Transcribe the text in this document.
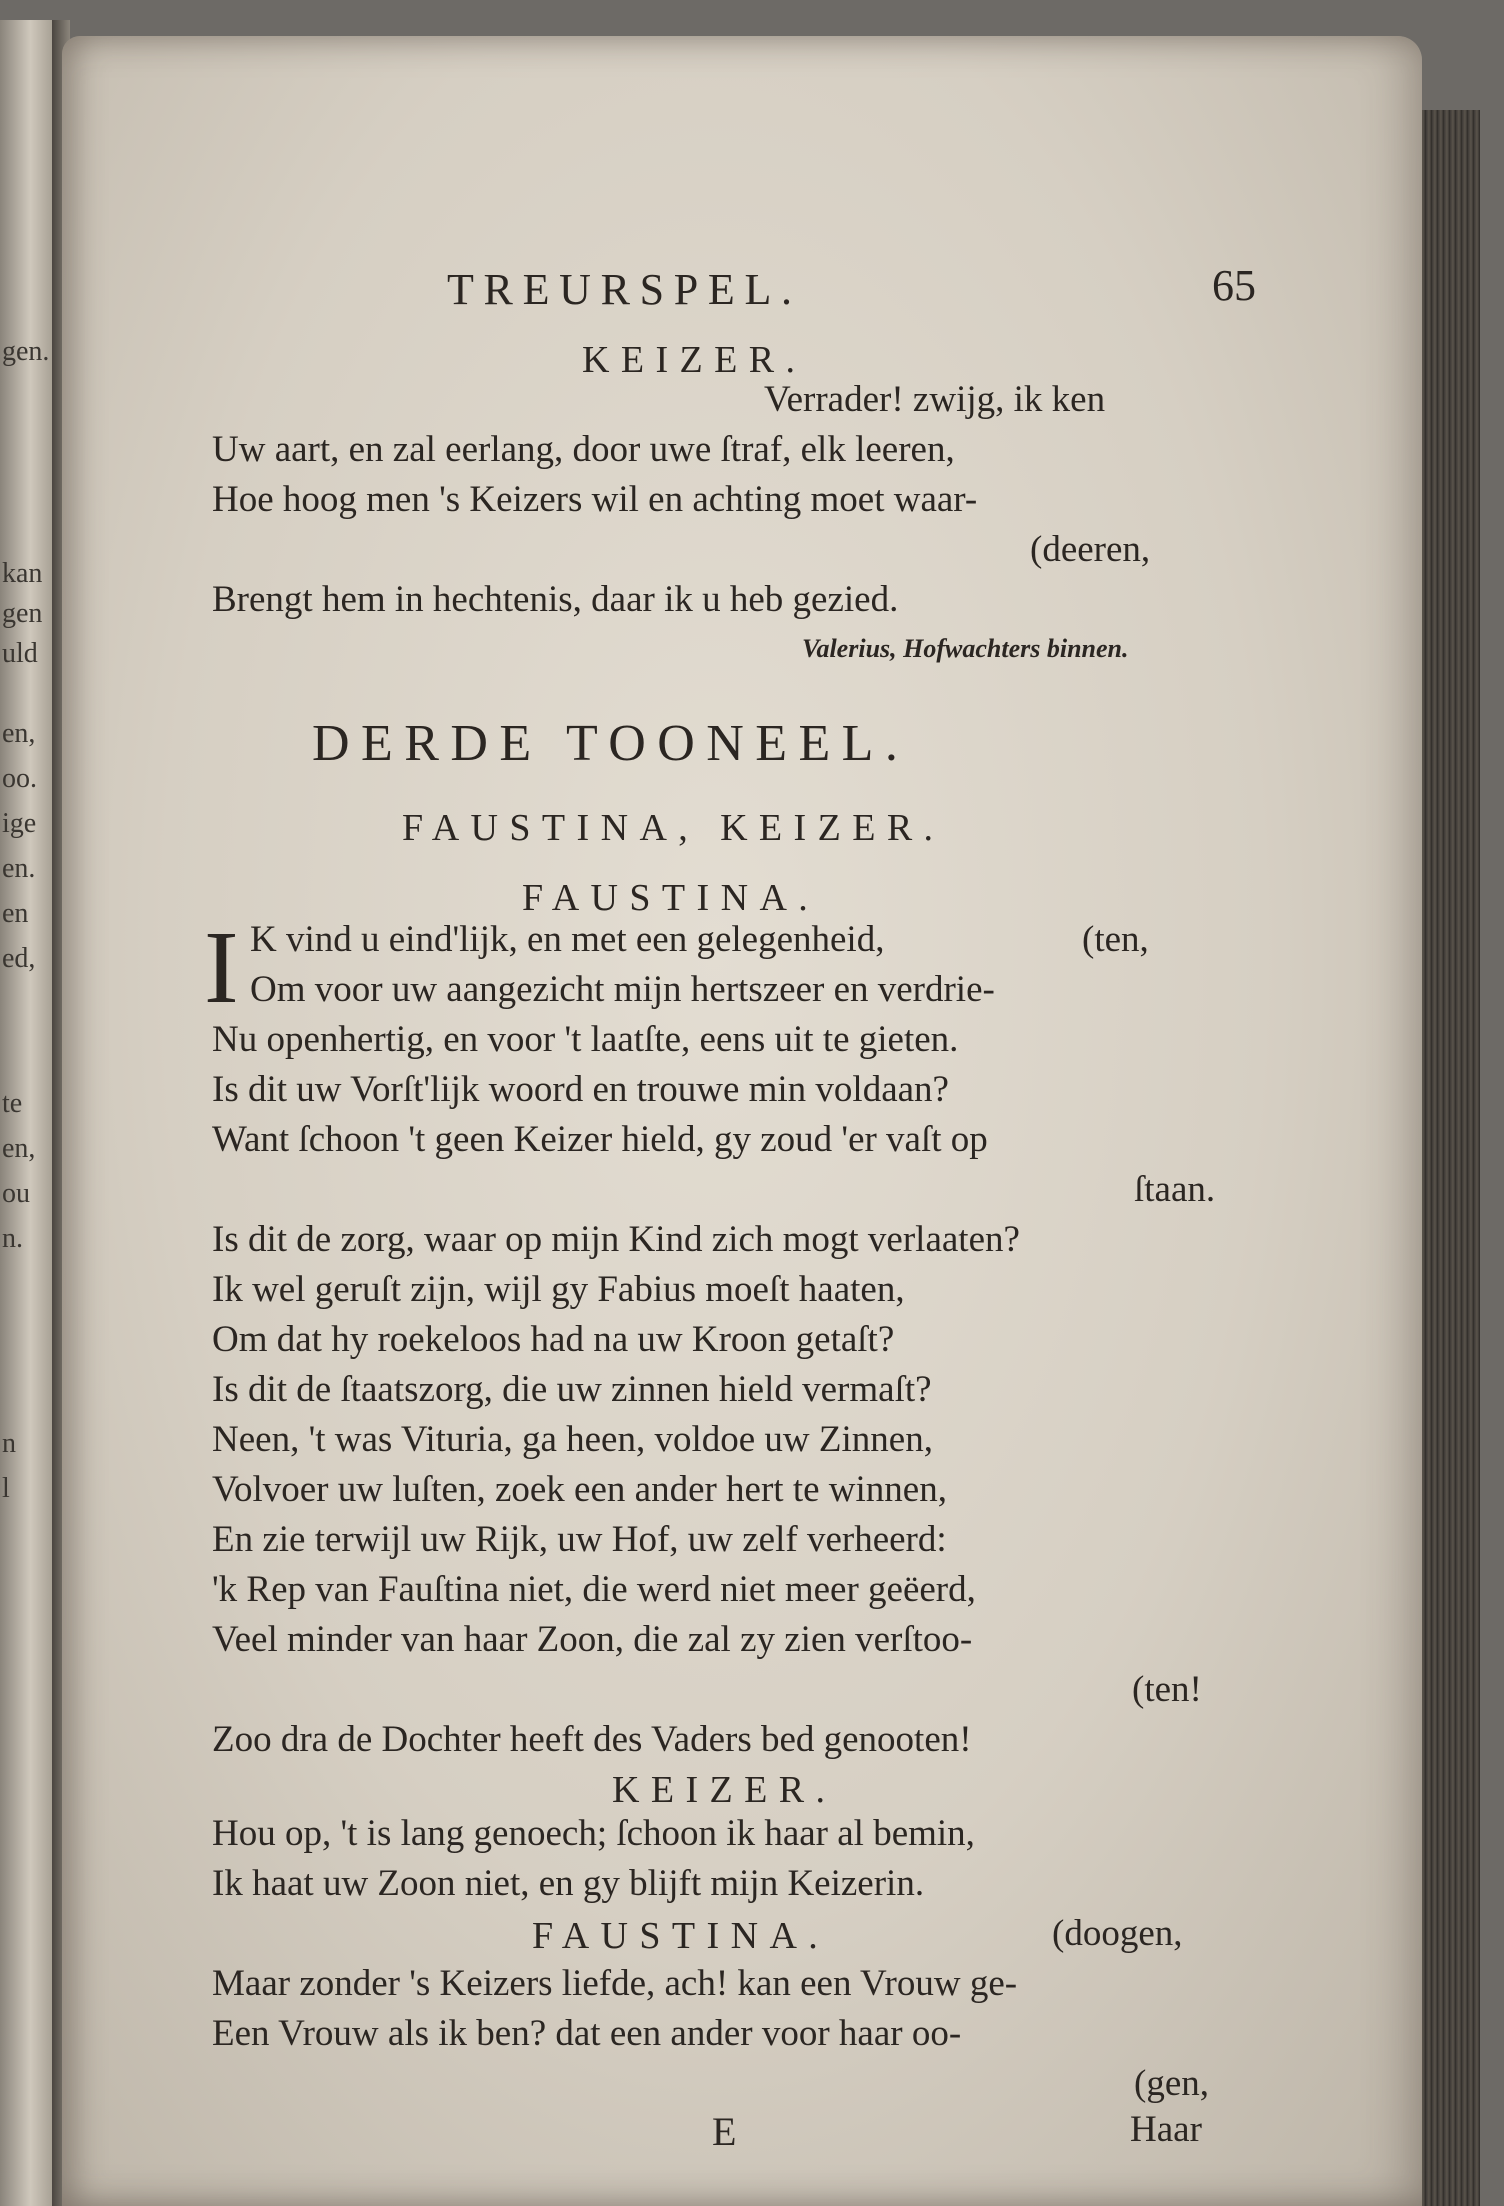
gen.
kan
gen
uld
en,
oo.
ige
en.
en
ed,
te
en,
ou
n.
n
l
TREURSPEL.	65
KEIZER.
Verrader! zwijg, ik ken
Uw aart, en zal eerlang, door uwe ſtraf, elk leeren,
Hoe hoog men 's Keizers wil en achting moet waar-
(deeren,
Brengt hem in hechtenis, daar ik u heb gezied.
Valerius, Hofwachters binnen.
DERDE TOONEEL.
FAUSTINA, KEIZER.
FAUSTINA.
I K vind u eind'lijk, en met een gelegenheid,	(ten,
Om voor uw aangezicht mijn hertszeer en verdrie-
Nu openhertig, en voor 't laatſte, eens uit te gieten.
Is dit uw Vorſt'lijk woord en trouwe min voldaan?
Want ſchoon 't geen Keizer hield, gy zoud 'er vaſt op
ſtaan.
Is dit de zorg, waar op mijn Kind zich mogt verlaaten?
Ik wel geruſt zijn, wijl gy Fabius moeſt haaten,
Om dat hy roekeloos had na uw Kroon getaſt?
Is dit de ſtaatszorg, die uw zinnen hield vermaſt?
Neen, 't was Vituria, ga heen, voldoe uw Zinnen,
Volvoer uw luſten, zoek een ander hert te winnen,
En zie terwijl uw Rijk, uw Hof, uw zelf verheerd:
'k Rep van Fauſtina niet, die werd niet meer geëerd,
Veel minder van haar Zoon, die zal zy zien verſtoo-
(ten!
Zoo dra de Dochter heeft des Vaders bed genooten!
KEIZER.
Hou op, 't is lang genoech; ſchoon ik haar al bemin,
Ik haat uw Zoon niet, en gy blijft mijn Keizerin.
FAUSTINA.	(doogen,
Maar zonder 's Keizers liefde, ach! kan een Vrouw ge-
Een Vrouw als ik ben? dat een ander voor haar oo-
(gen,
E	Haar
